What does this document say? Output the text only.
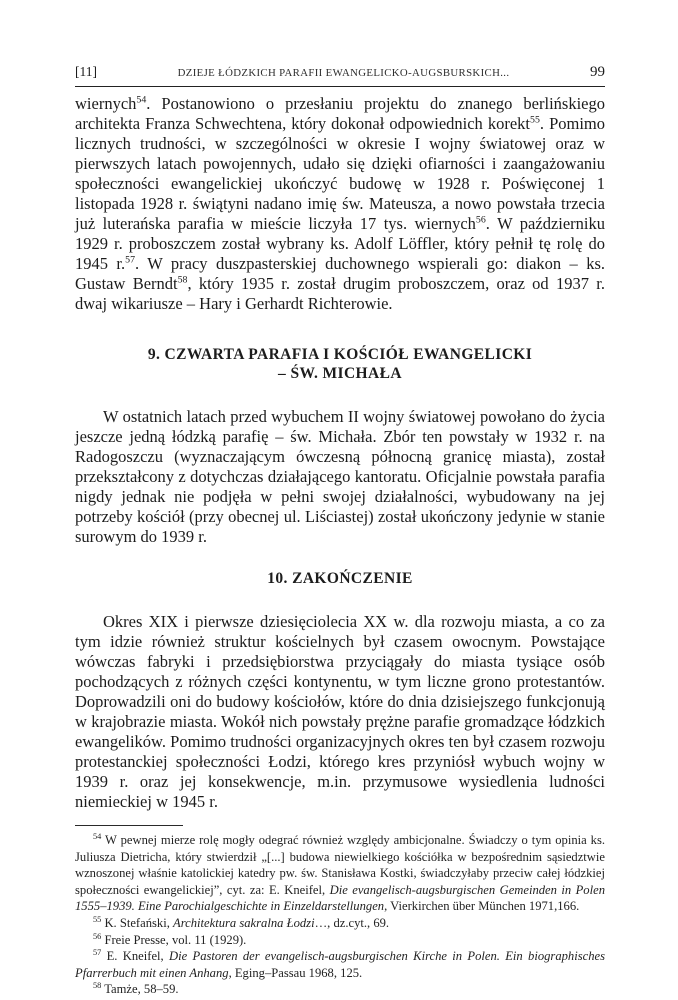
[11]	DZIEJE ŁÓDZKICH PARAFII EWANGELICKO-AUGSBURSKICH...	99

wiernych$^{54}$. Postanowiono o przesłaniu projektu do znanego berlińskiego architekta Franza Schwechtena, który dokonał odpowiednich korekt$^{55}$. Pomimo licznych trudności, w szczególności w okresie I wojny światowej oraz w pierwszych latach powojennych, udało się dzięki ofiarności i zaangażowaniu społeczności ewangelickiej ukończyć budowę w 1928 r. Poświęconej 1 listopada 1928 r. świątyni nadano imię św. Mateusza, a nowo powstała trzecia już luterańska parafia w mieście liczyła 17 tys. wiernych$^{56}$. W październiku 1929 r. proboszczem został wybrany ks. Adolf Löffler, który pełnił tę rolę do 1945 r.$^{57}$. W pracy duszpasterskiej duchownego wspierali go: diakon – ks. Gustaw Berndt$^{58}$, który 1935 r. został drugim proboszczem, oraz od 1937 r. dwaj wikariusze – Hary i Gerhardt Richterowie.

9. CZWARTA PARAFIA I KOŚCIÓŁ EWANGELICKI
– ŚW. MICHAŁA

W ostatnich latach przed wybuchem II wojny światowej powołano do życia jeszcze jedną łódzką parafię – św. Michała. Zbór ten powstały w 1932 r. na Radogoszczu (wyznaczającym ówczesną północną granicę miasta), został przekształcony z dotychczas działającego kantoratu. Oficjalnie powstała parafia nigdy jednak nie podjęła w pełni swojej działalności, wybudowany na jej potrzeby kościół (przy obecnej ul. Liściastej) został ukończony jedynie w stanie surowym do 1939 r.

10. ZAKOŃCZENIE

Okres XIX i pierwsze dziesięciolecia XX w. dla rozwoju miasta, a co za tym idzie również struktur kościelnych był czasem owocnym. Powstające wówczas fabryki i przedsiębiorstwa przyciągały do miasta tysiące osób pochodzących z różnych części kontynentu, w tym liczne grono protestantów. Doprowadzili oni do budowy kościołów, które do dnia dzisiejszego funkcjonują w krajobrazie miasta. Wokół nich powstały prężne parafie gromadzące łódzkich ewangelików. Pomimo trudności organizacyjnych okres ten był czasem rozwoju protestanckiej społeczności Łodzi, którego kres przyniósł wybuch wojny w 1939 r. oraz jej konsekwencje, m.in. przymusowe wysiedlenia ludności niemieckiej w 1945 r.

$^{54}$ W pewnej mierze rolę mogły odegrać również względy ambicjonalne. Świadczy o tym opinia ks. Juliusza Dietricha, który stwierdził „[...] budowa niewielkiego kościółka w bezpośrednim sąsiedztwie wznoszonej właśnie katolickiej katedry pw. św. Stanisława Kostki, świadczyłaby przeciw całej łódzkiej społeczności ewangelickiej”, cyt. za: E. Kneifel, Die evangelisch-augsburgischen Gemeinden in Polen 1555–1939. Eine Parochialgeschichte in Einzeldarstellungen, Vierkirchen über München 1971,166.

$^{55}$ K. Stefański, Architektura sakralna Łodzi…, dz.cyt., 69.

$^{56}$ Freie Presse, vol. 11 (1929).

$^{57}$ E. Kneifel, Die Pastoren der evangelisch-augsburgischen Kirche in Polen. Ein biographisches Pfarrerbuch mit einen Anhang, Eging–Passau 1968, 125.

$^{58}$ Tamże, 58–59.
